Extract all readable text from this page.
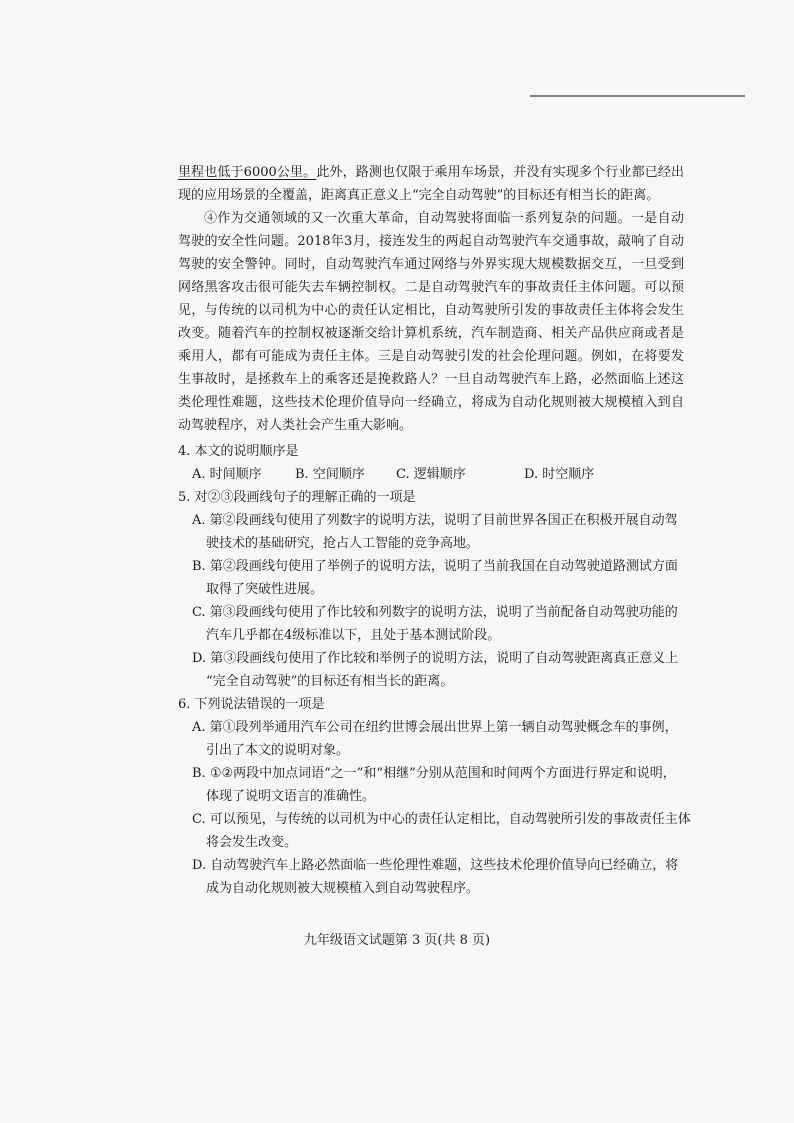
里程也低于6000公里。此外，路测也仅限于乘用车场景，并没有实现多个行业都已经出现的应用场景的全覆盖，距离真正意义上“完全自动驾驶”的目标还有相当长的距离。

④作为交通领域的又一次重大革命，自动驾驶将面临一系列复杂的问题。一是自动驾驶的安全性问题。2018年3月，接连发生的两起自动驾驶汽车交通事故，敲响了自动驾驶的安全警钟。同时，自动驾驶汽车通过网络与外界实现大规模数据交互，一旦受到网络黑客攻击很可能失去车辆控制权。二是自动驾驶汽车的事故责任主体问题。可以预见，与传统的以司机为中心的责任认定相比，自动驾驶所引发的事故责任主体将会发生改变。随着汽车的控制权被逐渐交给计算机系统，汽车制造商、相关产品供应商或者是乘用人，都有可能成为责任主体。三是自动驾驶引发的社会伦理问题。例如，在将要发生事故时，是拯救车上的乘客还是挽救路人？一旦自动驾驶汽车上路，必然面临上述这类伦理性难题，这些技术伦理价值导向一经确立，将成为自动化规则被大规模植入到自动驾驶程序，对人类社会产生重大影响。

4. 本文的说明顺序是

A. 时间顺序	B. 空间顺序	C. 逻辑顺序	D. 时空顺序

5. 对②③段画线句子的理解正确的一项是

A. 第②段画线句使用了列数字的说明方法，说明了目前世界各国正在积极开展自动驾
驶技术的基础研究，抢占人工智能的竞争高地。
B. 第②段画线句使用了举例子的说明方法，说明了当前我国在自动驾驶道路测试方面
取得了突破性进展。
C. 第③段画线句使用了作比较和列数字的说明方法，说明了当前配备自动驾驶功能的
汽车几乎都在4级标准以下，且处于基本测试阶段。
D. 第③段画线句使用了作比较和举例子的说明方法，说明了自动驾驶距离真正意义上
“完全自动驾驶”的目标还有相当长的距离。

6. 下列说法错误的一项是

A. 第①段列举通用汽车公司在纽约世博会展出世界上第一辆自动驾驶概念车的事例，
引出了本文的说明对象。
B. ①②两段中加点词语“之一”和“相继”分别从范围和时间两个方面进行界定和说明，
体现了说明文语言的准确性。
C. 可以预见，与传统的以司机为中心的责任认定相比，自动驾驶所引发的事故责任主体
将会发生改变。
D. 自动驾驶汽车上路必然面临一些伦理性难题，这些技术伦理价值导向已经确立，将
成为自动化规则被大规模植入到自动驾驶程序。
九年级语文试题第 3 页(共 8 页)
